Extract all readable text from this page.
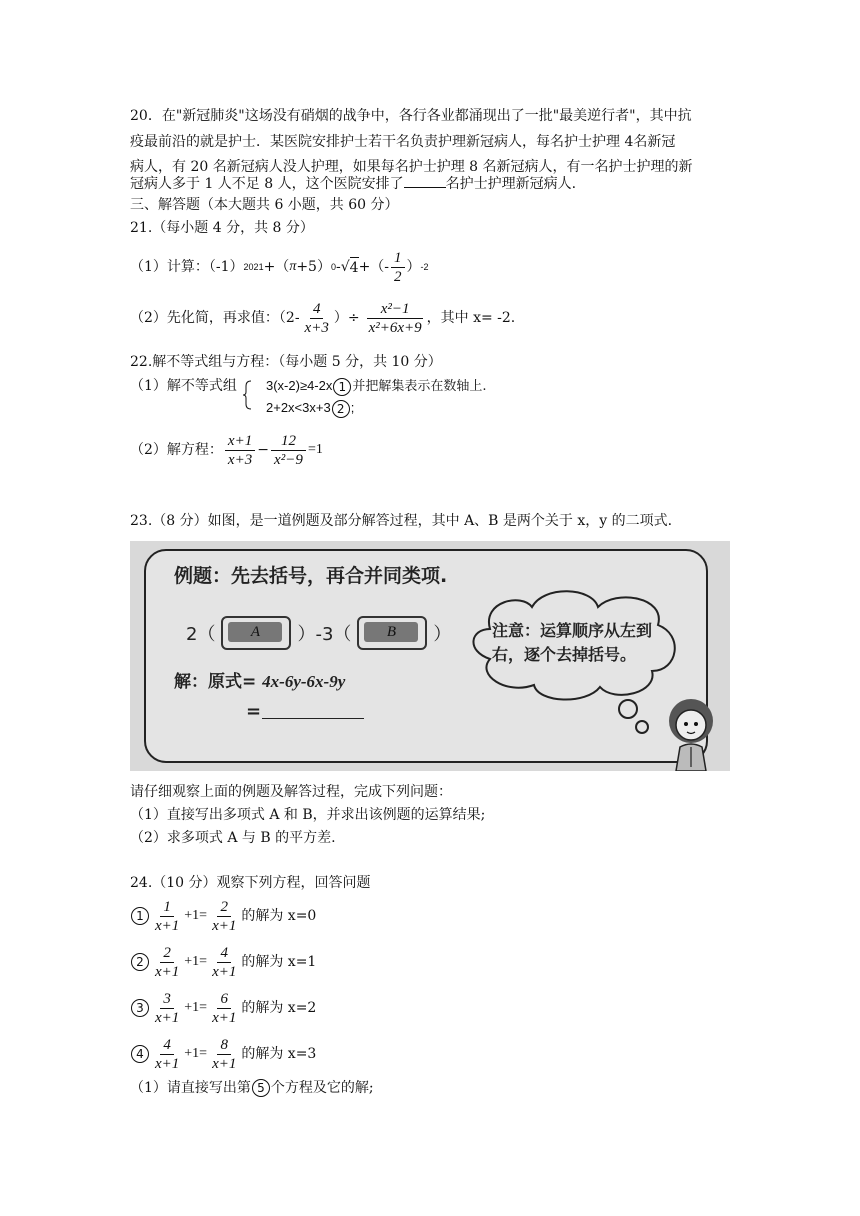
20．在"新冠肺炎"这场没有硝烟的战争中，各行各业都涌现出了一批"最美逆行者"，其中抗
疫最前沿的就是护士．某医院安排护士若干名负责护理新冠病人，每名护士护理 4名新冠
病人，有 20 名新冠病人没人护理，如果每名护士护理 8 名新冠病人，有一名护士护理的新
冠病人多于 1 人不足 8 人，这个医院安排了	名护士护理新冠病人.
三、解答题（本大题共 6 小题，共 60 分）
21.（每小题 4 分，共 8 分）
（1）计算：（-1） 2021 +（ π +5） 0 -√ 4 +（- $\frac{1}{2}$ ） -2
（2）先化简，再求值：（$2- \frac{4}{x+3}$ ）÷ $\frac{\text{x²−1}}{\text{x²+6x+9}}$ ，其中 x= -2.
22.解不等式组与方程：（每小题 5 分，共 10 分）
（1）解不等式组 3(x-2)≥4-2x 1 并把解集表示在数轴上.
2+2x<3x+3 2 ;
（2）解方程： $\frac{x+1}{x+3} - \frac{12}{\text{x²−9}} =1$
23.（8 分）如图，是一道例题及部分解答过程，其中 A、B 是两个关于 x，y 的二项式.
例题：先去括号，再合并同类项.
2（	A	）-3（	B	）
解：原式= 4x-6y-6x-9y
=
注意：运算顺序从左到右，逐个去掉括号。
请仔细观察上面的例题及解答过程，完成下列问题：
（1）直接写出多项式 A 和 B，并求出该例题的运算结果;
（2）求多项式 A 与 B 的平方差.
24.（10 分）观察下列方程，回答问题
$1 \frac{1}{x+1} +1= \frac{2}{x+1}$ 的解为 x=0
$2 \frac{2}{x+1} +1= \frac{4}{x+1}$ 的解为 x=1
$3 \frac{3}{x+1} +1= \frac{6}{x+1}$ 的解为 x=2
$4 \frac{4}{x+1} +1= \frac{8}{x+1}$ 的解为 x=3
（1）请直接写出第 5 个方程及它的解;
